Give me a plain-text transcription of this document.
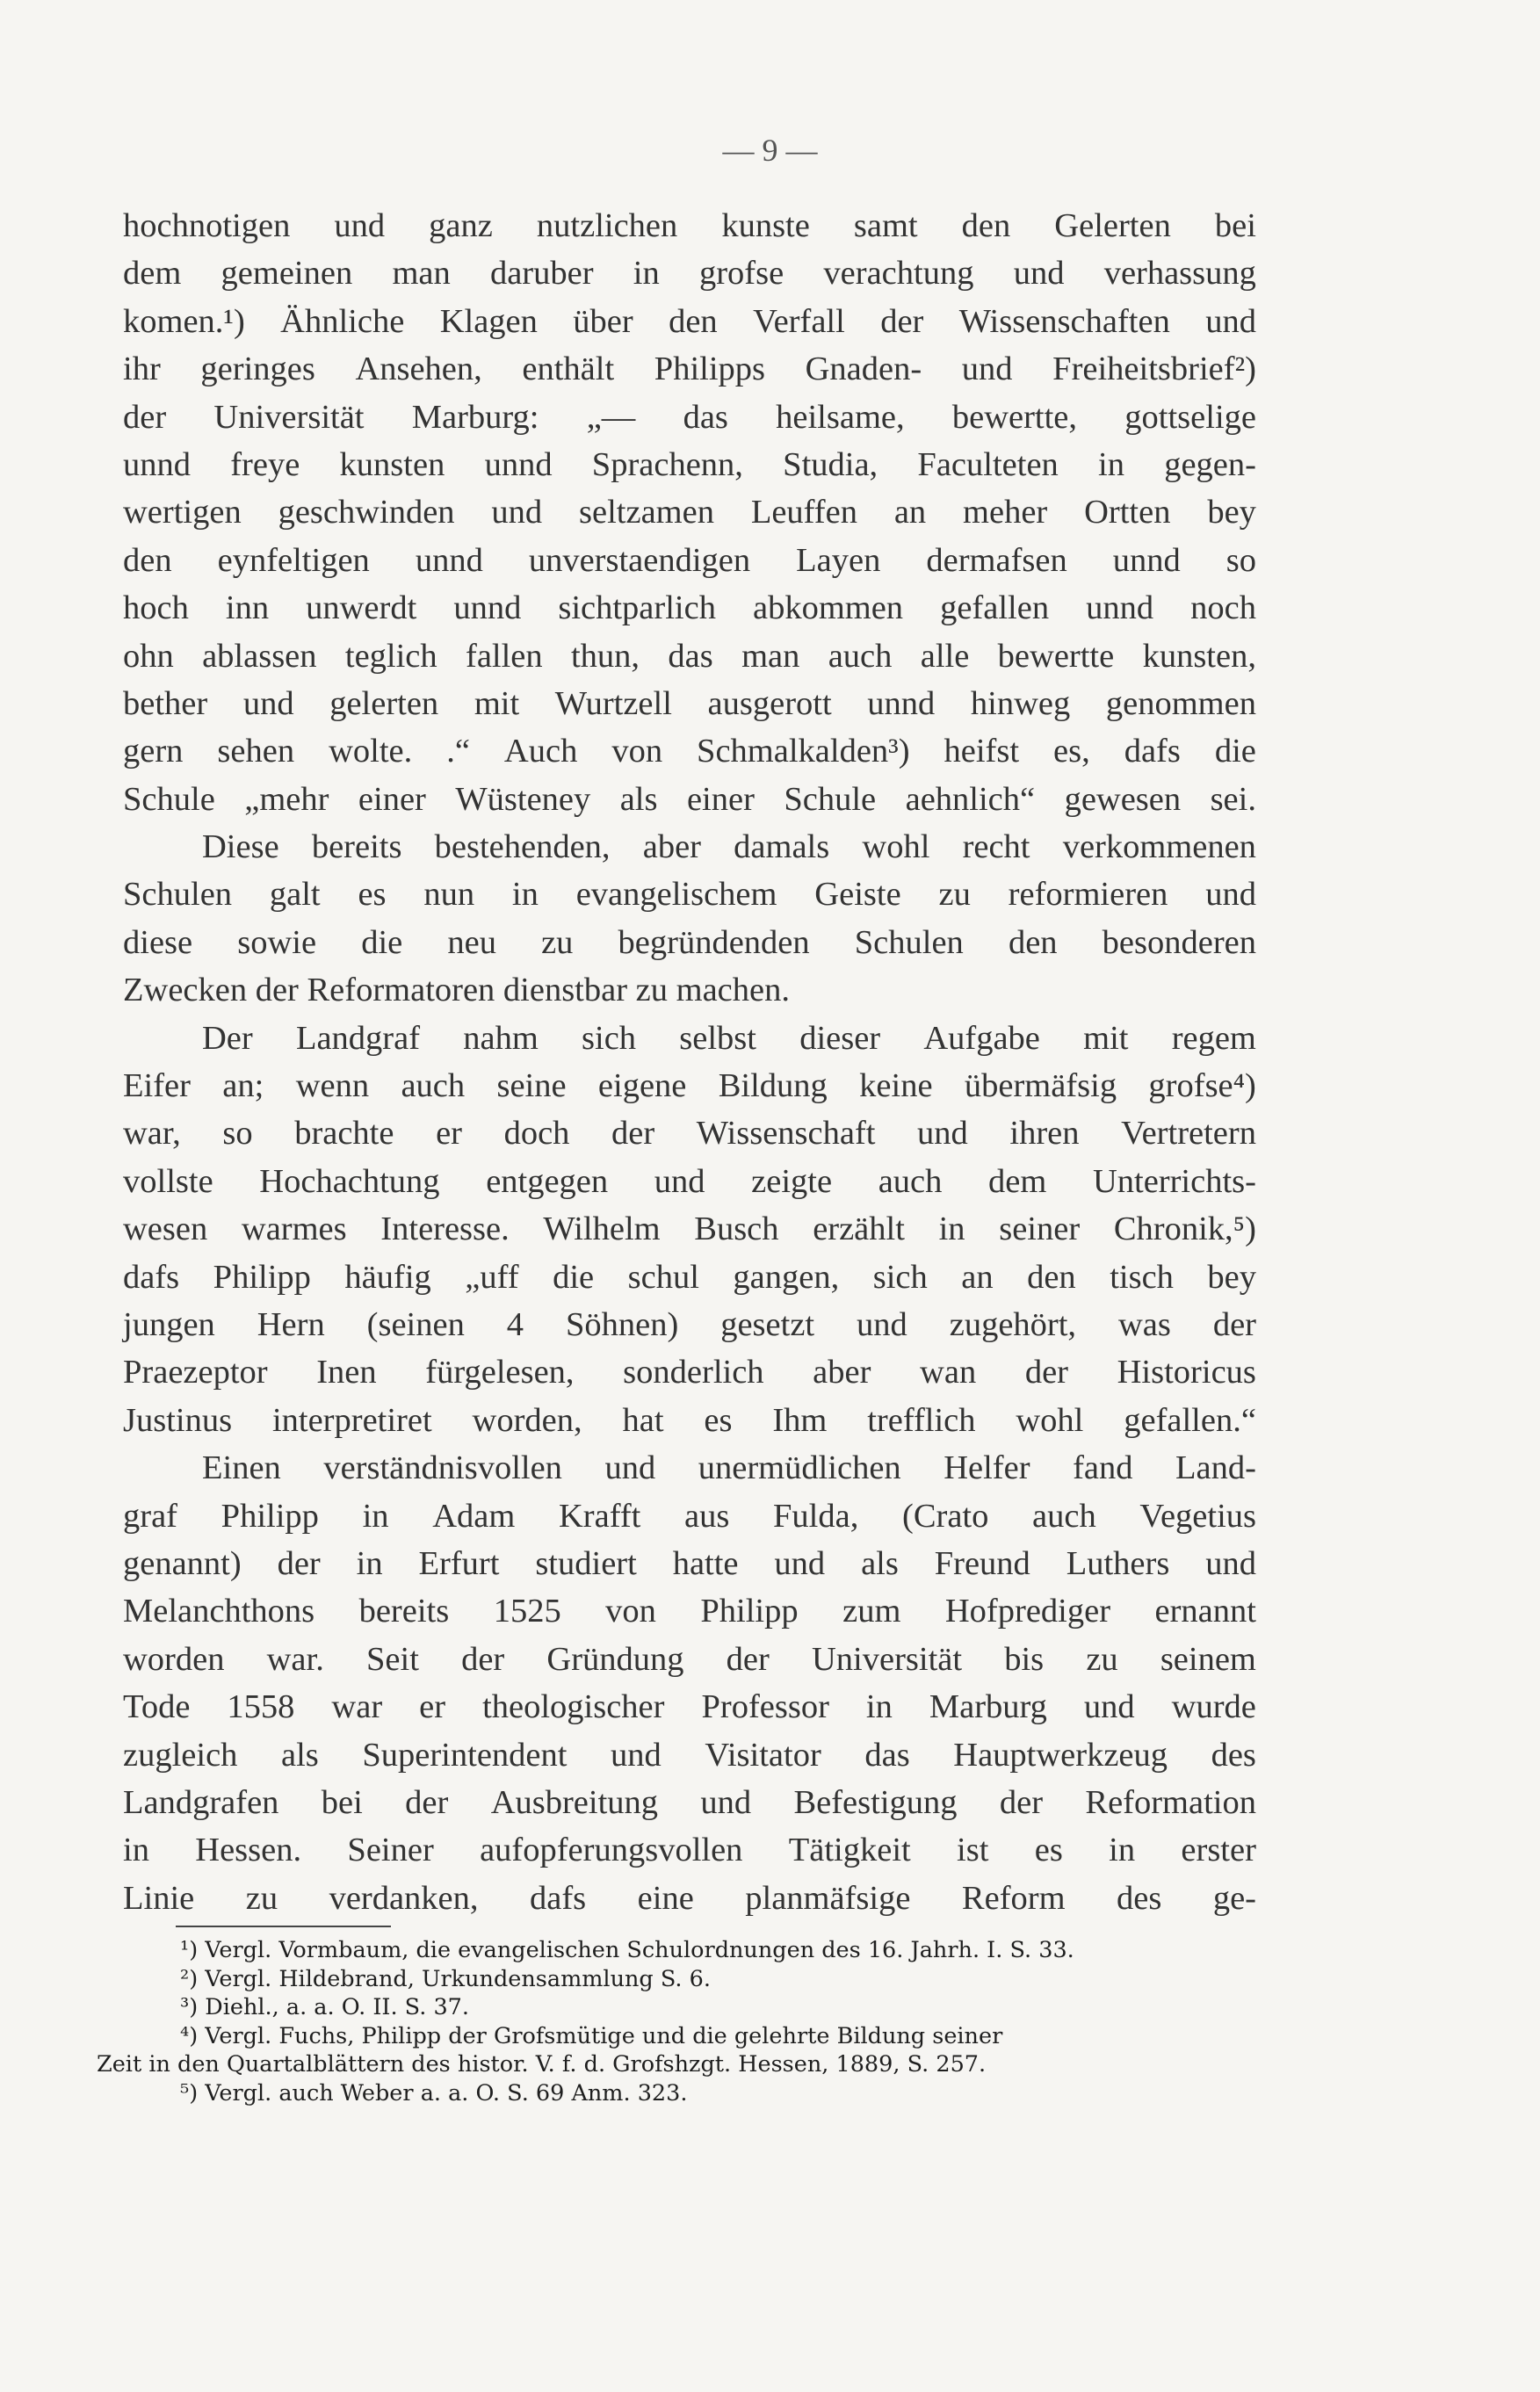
— 9 —
hochnotigen und ganz nutzlichen kunste samt den Gelerten bei
dem gemeinen man daruber in grofse verachtung und verhassung
komen.¹) Ähnliche Klagen über den Verfall der Wissenschaften und
ihr geringes Ansehen, enthält Philipps Gnaden- und Freiheitsbrief²)
der Universität Marburg: „— das heilsame, bewertte, gottselige
unnd freye kunsten unnd Sprachenn, Studia, Faculteten in gegen-
wertigen geschwinden und seltzamen Leuffen an meher Ortten bey
den eynfeltigen unnd unverstaendigen Layen dermafsen unnd so
hoch inn unwerdt unnd sichtparlich abkommen gefallen unnd noch
ohn ablassen teglich fallen thun, das man auch alle bewertte kunsten,
bether und gelerten mit Wurtzell ausgerott unnd hinweg genommen
gern sehen wolte. .“ Auch von Schmalkalden³) heifst es, dafs die
Schule „mehr einer Wüsteney als einer Schule aehnlich“ gewesen sei.
Diese bereits bestehenden, aber damals wohl recht verkommenen
Schulen galt es nun in evangelischem Geiste zu reformieren und
diese sowie die neu zu begründenden Schulen den besonderen
Zwecken der Reformatoren dienstbar zu machen.
Der Landgraf nahm sich selbst dieser Aufgabe mit regem
Eifer an; wenn auch seine eigene Bildung keine übermäfsig grofse⁴)
war, so brachte er doch der Wissenschaft und ihren Vertretern
vollste Hochachtung entgegen und zeigte auch dem Unterrichts-
wesen warmes Interesse. Wilhelm Busch erzählt in seiner Chronik,⁵)
dafs Philipp häufig „uff die schul gangen, sich an den tisch bey
jungen Hern (seinen 4 Söhnen) gesetzt und zugehört, was der
Praezeptor Inen fürgelesen, sonderlich aber wan der Historicus
Justinus interpretiret worden, hat es Ihm trefflich wohl gefallen.“
Einen verständnisvollen und unermüdlichen Helfer fand Land-
graf Philipp in Adam Krafft aus Fulda, (Crato auch Vegetius
genannt) der in Erfurt studiert hatte und als Freund Luthers und
Melanchthons bereits 1525 von Philipp zum Hofprediger ernannt
worden war. Seit der Gründung der Universität bis zu seinem
Tode 1558 war er theologischer Professor in Marburg und wurde
zugleich als Superintendent und Visitator das Hauptwerkzeug des
Landgrafen bei der Ausbreitung und Befestigung der Reformation
in Hessen. Seiner aufopferungsvollen Tätigkeit ist es in erster
Linie zu verdanken, dafs eine planmäfsige Reform des ge-
¹) Vergl. Vormbaum, die evangelischen Schulordnungen des 16. Jahrh. I. S. 33.
²) Vergl. Hildebrand, Urkundensammlung S. 6.
³) Diehl., a. a. O. II. S. 37.
⁴) Vergl. Fuchs, Philipp der Grofsmütige und die gelehrte Bildung seiner
Zeit in den Quartalblättern des histor. V. f. d. Grofshzgt. Hessen, 1889, S. 257.
⁵) Vergl. auch Weber a. a. O. S. 69 Anm. 323.
